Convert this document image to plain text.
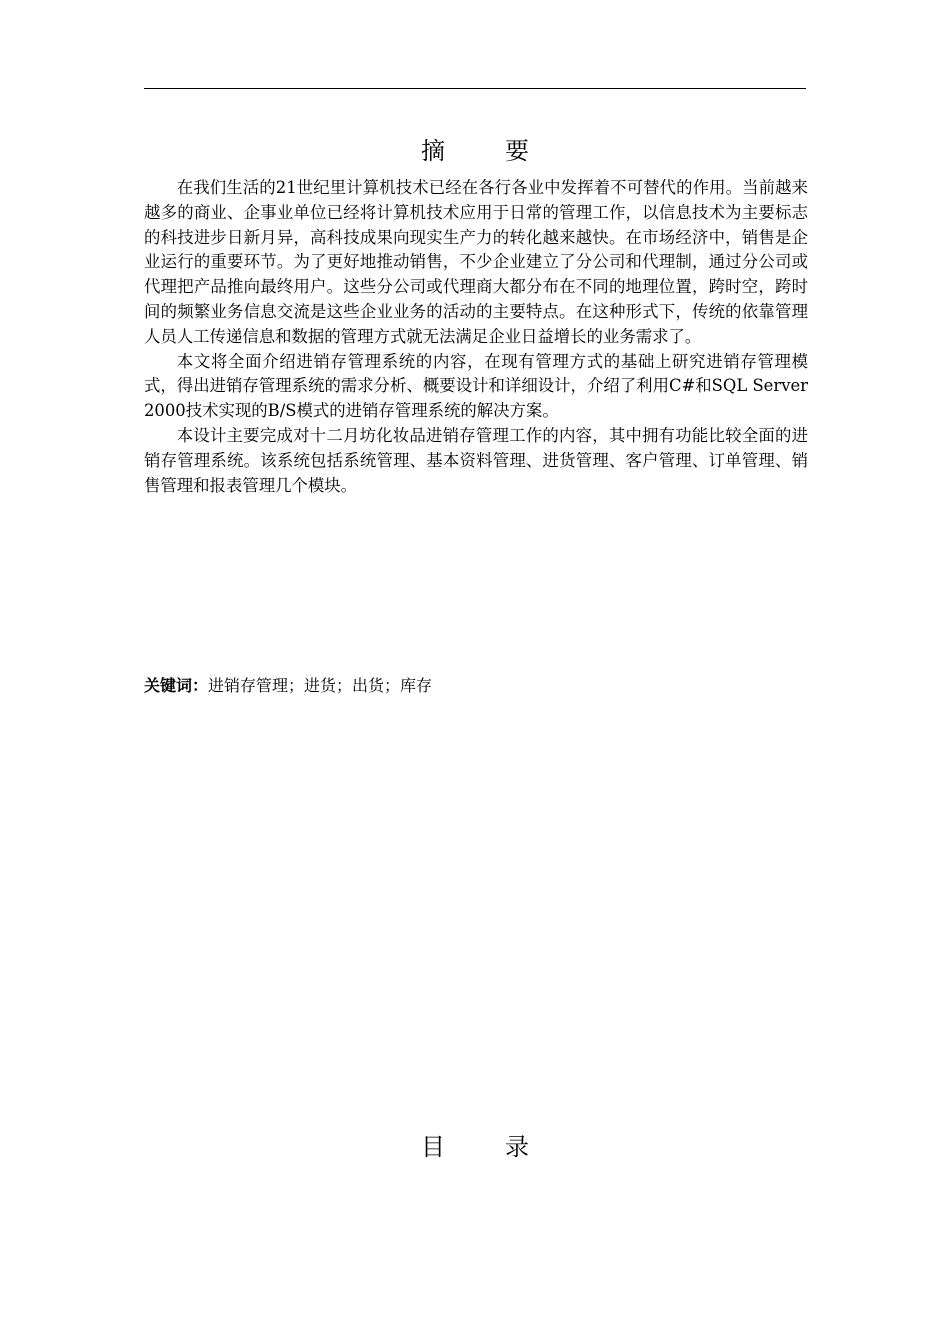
摘　要

在我们生活的21世纪里计算机技术已经在各行各业中发挥着不可替代的作用。当前越来越多的商业、企事业单位已经将计算机技术应用于日常的管理工作，以信息技术为主要标志的科技进步日新月异，高科技成果向现实生产力的转化越来越快。在市场经济中，销售是企业运行的重要环节。为了更好地推动销售，不少企业建立了分公司和代理制，通过分公司或代理把产品推向最终用户。这些分公司或代理商大都分布在不同的地理位置，跨时空，跨时间的频繁业务信息交流是这些企业业务的活动的主要特点。在这种形式下，传统的依靠管理人员人工传递信息和数据的管理方式就无法满足企业日益增长的业务需求了。

本文将全面介绍进销存管理系统的内容，在现有管理方式的基础上研究进销存管理模式，得出进销存管理系统的需求分析、概要设计和详细设计，介绍了利用C#和SQL Server 2000技术实现的B/S模式的进销存管理系统的解决方案。

本设计主要完成对十二月坊化妆品进销存管理工作的内容，其中拥有功能比较全面的进销存管理系统。该系统包括系统管理、基本资料管理、进货管理、客户管理、订单管理、销售管理和报表管理几个模块。

关键词：进销存管理；进货；出货；库存
目　录
